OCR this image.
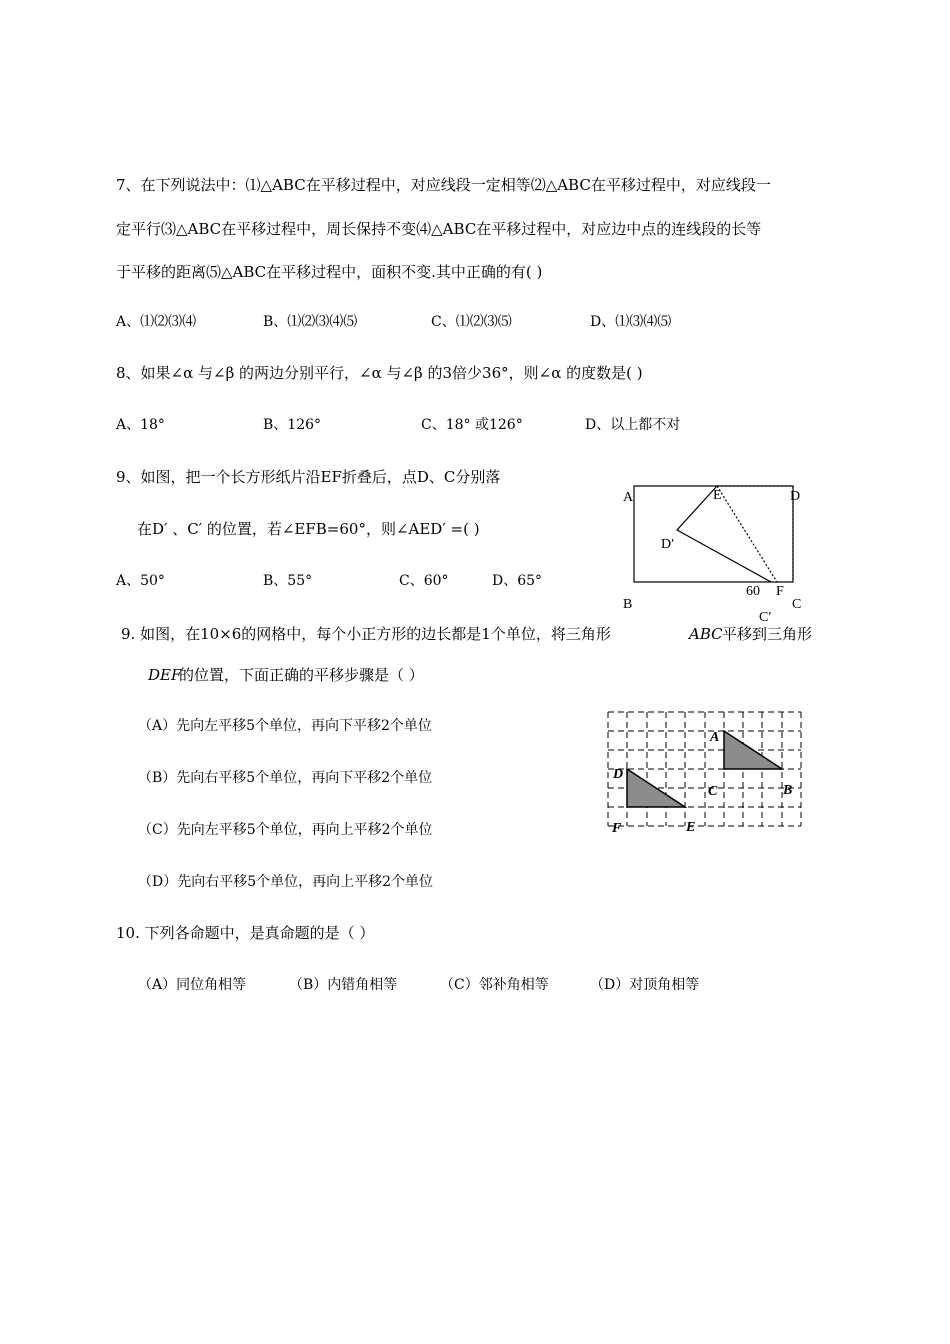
7、在下列说法中：⑴△ABC在平移过程中，对应线段一定相等⑵△ABC在平移过程中，对应线段一
定平行⑶△ABC在平移过程中，周长保持不变⑷△ABC在平移过程中，对应边中点的连线段的长等
于平移的距离⑸△ABC在平移过程中，面积不变.其中正确的有( )
A、⑴⑵⑶⑷	B、⑴⑵⑶⑷⑸	C、⑴⑵⑶⑸	D、⑴⑶⑷⑸
8、如果∠α 与∠β 的两边分别平行，∠α 与∠β 的3倍少36°，则∠α 的度数是( )
A、18°	B、126°	C、18° 或126°	D、以上都不对
9、如图，把一个长方形纸片沿EF折叠后，点D、C分别落
在D′ 、C′ 的位置，若∠EFB=60°，则∠AED′ =( )
A、50°	B、55°	C、60°	D、65°
A	E	D
D′
B
60 F
C′
C
9. 如图，在10×6的网格中，每个小正方形的边长都是1个单位，将三角形	ABC 平移到三角形
DEF
的位置，下面正确的平移步骤是（ ）
（A）先向左平移5个单位，再向下平移2个单位
（B）先向右平移5个单位，再向下平移2个单位
（C）先向左平移5个单位，再向上平移2个单位
（D）先向右平移5个单位，再向上平移2个单位
A
B
C
D
E
F
10. 下列各命题中，是真命题的是（ ）
（A）同位角相等	（B）内错角相等	（C）邻补角相等	（D）对顶角相等
